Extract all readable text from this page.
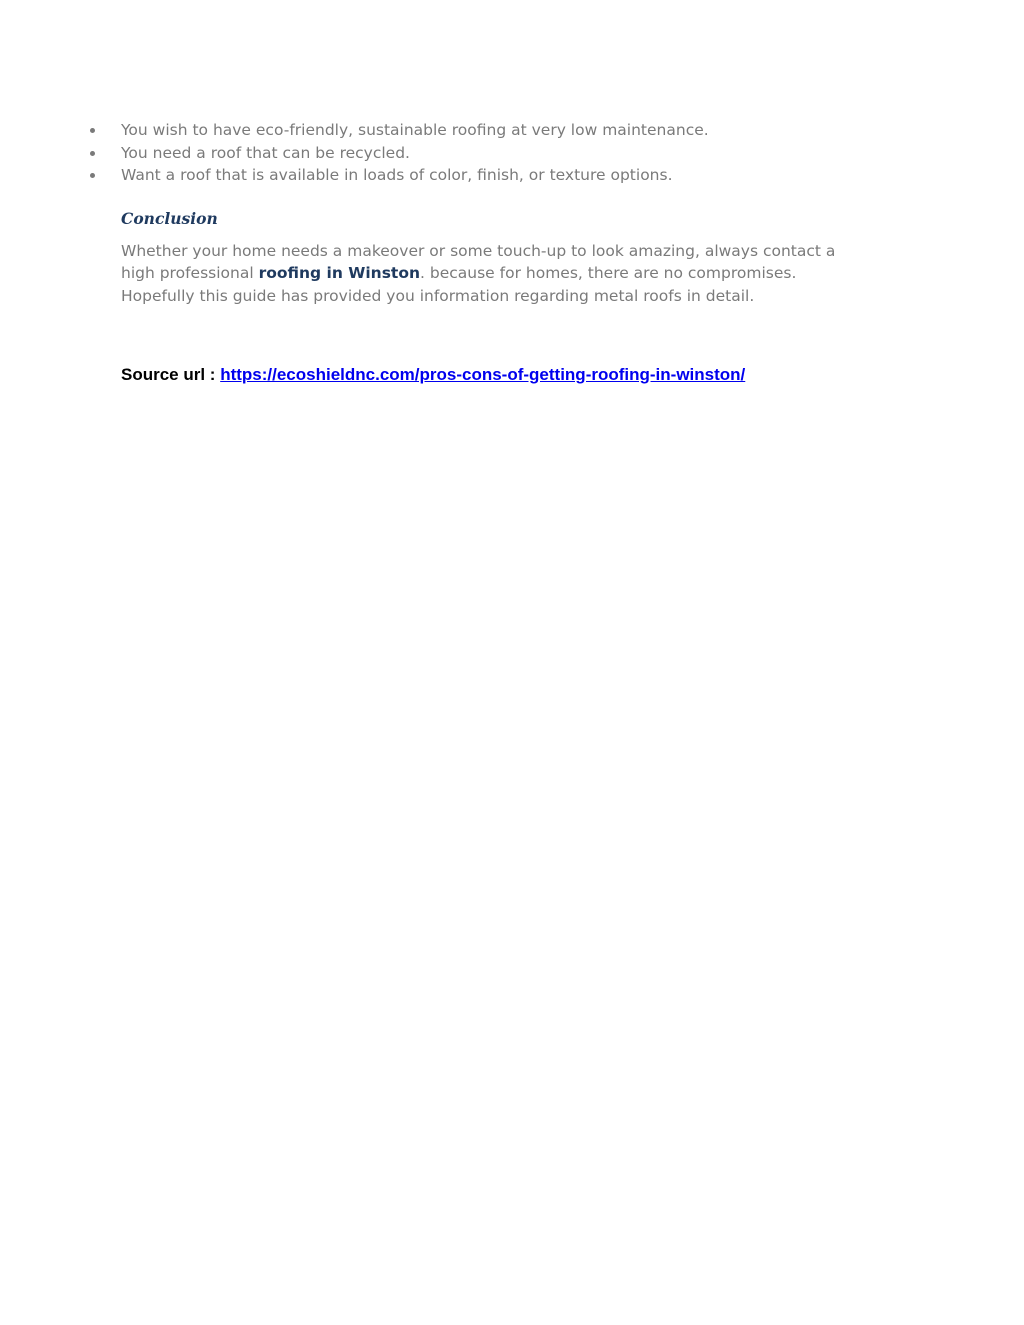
You wish to have eco-friendly, sustainable roofing at very low maintenance.
You need a roof that can be recycled.
Want a roof that is available in loads of color, finish, or texture options.
Conclusion

Whether your home needs a makeover or some touch-up to look amazing, always contact a
high professional roofing in Winston. because for homes, there are no compromises.
Hopefully this guide has provided you information regarding metal roofs in detail.

Source url : https://ecoshieldnc.com/pros-cons-of-getting-roofing-in-winston/
